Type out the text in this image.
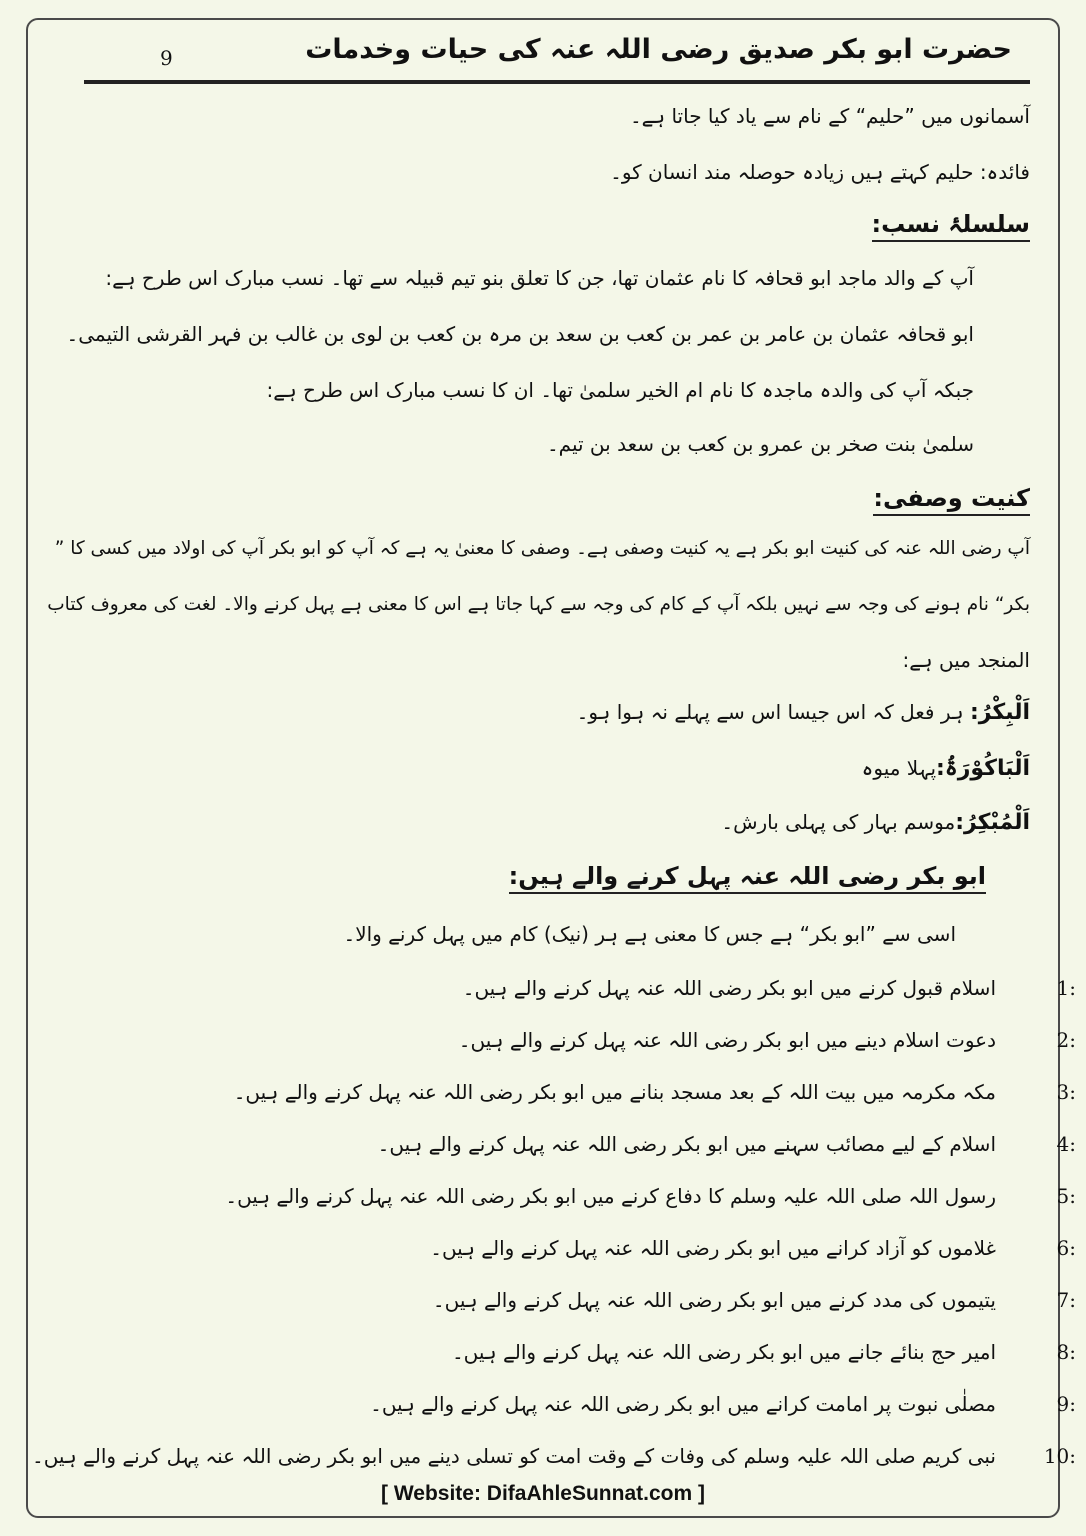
حضرت ابو بکر صدیق رضی اللہ عنہ کی حیات وخدمات
9
آسمانوں میں ”حلیم“ کے نام سے یاد کیا جاتا ہے۔
فائدہ: حلیم کہتے ہیں زیادہ حوصلہ مند انسان کو۔
سلسلۂ نسب:
آپ کے والد ماجد ابو قحافہ کا نام عثمان تھا، جن کا تعلق بنو تیم قبیلہ سے تھا۔ نسب مبارک اس طرح ہے:
ابو قحافہ عثمان بن عامر بن عمر بن کعب بن سعد بن مرہ بن کعب بن لوی بن غالب بن فہر القرشی التیمی۔
جبکہ آپ کی والدہ ماجدہ کا نام ام الخیر سلمیٰ تھا۔ ان کا نسب مبارک اس طرح ہے:
سلمیٰ بنت صخر بن عمرو بن کعب بن سعد بن تیم۔
کنیت وصفی:
آپ رضی اللہ عنہ کی کنیت ابو بکر ہے یہ کنیت وصفی ہے۔ وصفی کا معنیٰ یہ ہے کہ آپ کو ابو بکر آپ کی اولاد میں کسی کا ”
بکر“ نام ہونے کی وجہ سے نہیں بلکہ آپ کے کام کی وجہ سے کہا جاتا ہے اس کا معنی ہے پہل کرنے والا۔ لغت کی معروف کتاب
المنجد میں ہے:
اَلْبِکْرُ: ہر فعل کہ اس جیسا اس سے پہلے نہ ہوا ہو۔
اَلْبَاکُوْرَۃُ:پہلا میوہ
اَلْمُبْکِرُ:موسم بہار کی پہلی بارش۔
ابو بکر رضی اللہ عنہ پہل کرنے والے ہیں:
اسی سے ”ابو بکر“ ہے جس کا معنی ہے ہر (نیک) کام میں پہل کرنے والا۔
اسلام قبول کرنے میں ابو بکر رضی اللہ عنہ پہل کرنے والے ہیں۔	1:
دعوت اسلام دینے میں ابو بکر رضی اللہ عنہ پہل کرنے والے ہیں۔	2:
مکہ مکرمہ میں بیت اللہ کے بعد مسجد بنانے میں ابو بکر رضی اللہ عنہ پہل کرنے والے ہیں۔	3:
اسلام کے لیے مصائب سہنے میں ابو بکر رضی اللہ عنہ پہل کرنے والے ہیں۔	4:
رسول اللہ صلی اللہ علیہ وسلم کا دفاع کرنے میں ابو بکر رضی اللہ عنہ پہل کرنے والے ہیں۔	5:
غلاموں کو آزاد کرانے میں ابو بکر رضی اللہ عنہ پہل کرنے والے ہیں۔	6:
یتیموں کی مدد کرنے میں ابو بکر رضی اللہ عنہ پہل کرنے والے ہیں۔	7:
امیر حج بنائے جانے میں ابو بکر رضی اللہ عنہ پہل کرنے والے ہیں۔	8:
مصلٰی نبوت پر امامت کرانے میں ابو بکر رضی اللہ عنہ پہل کرنے والے ہیں۔	9:
نبی کریم صلی اللہ علیہ وسلم کی وفات کے وقت امت کو تسلی دینے میں ابو بکر رضی اللہ عنہ پہل کرنے والے ہیں۔	10:
[ Website: DifaAhleSunnat.com ]
